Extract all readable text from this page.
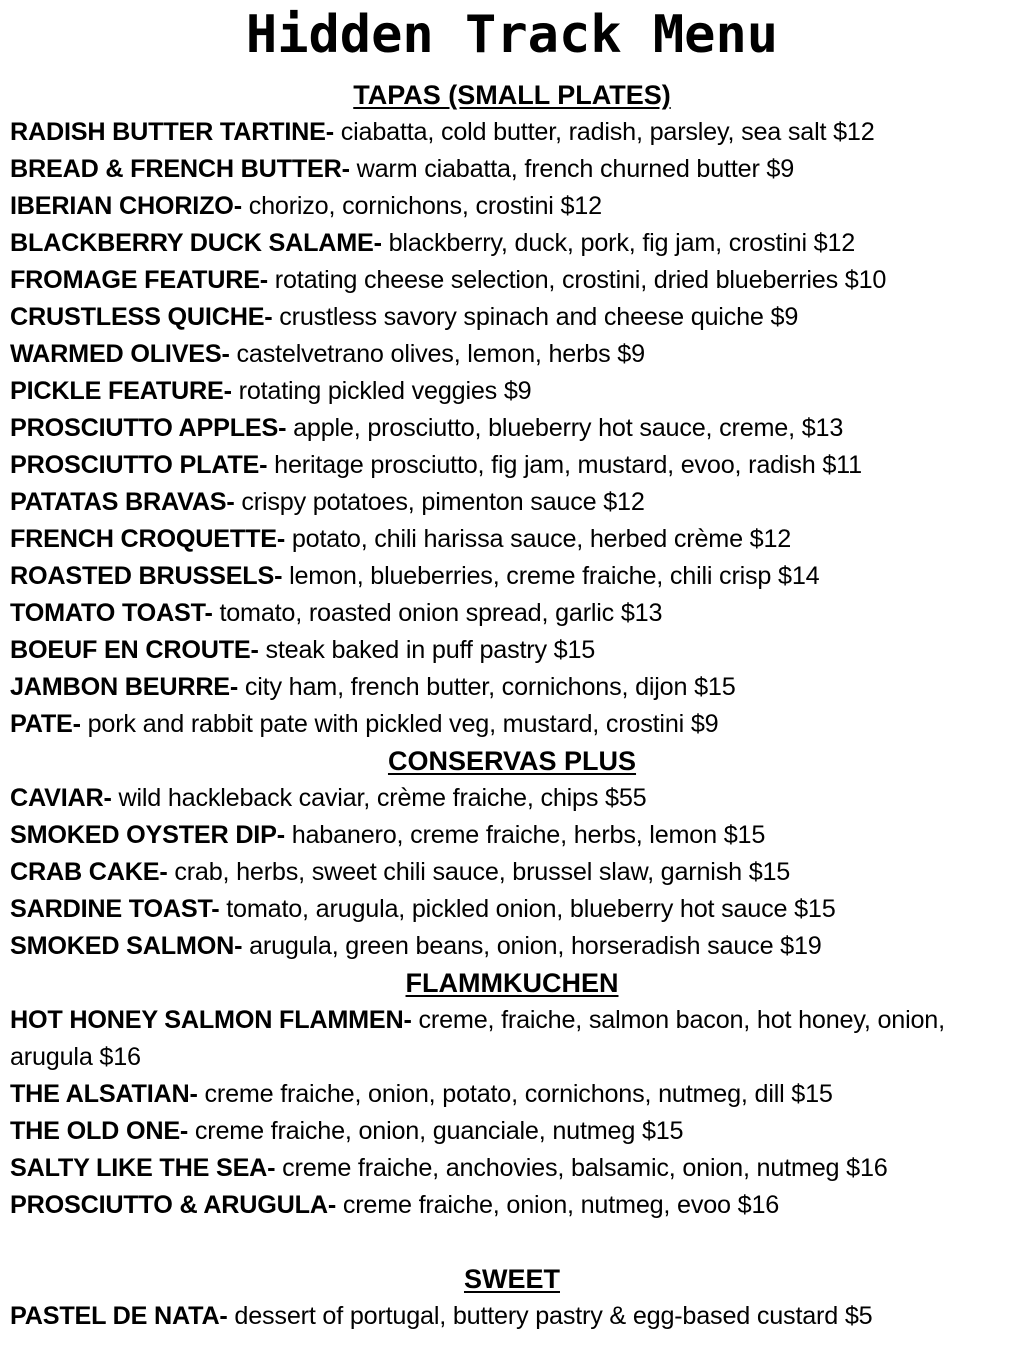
Hidden Track Menu
TAPAS (SMALL PLATES)
RADISH BUTTER TARTINE- ciabatta, cold butter, radish, parsley, sea salt $12
BREAD & FRENCH BUTTER- warm ciabatta, french churned butter $9
IBERIAN CHORIZO- chorizo, cornichons, crostini $12
BLACKBERRY DUCK SALAME- blackberry, duck, pork, fig jam, crostini $12
FROMAGE FEATURE- rotating cheese selection, crostini, dried blueberries $10
CRUSTLESS QUICHE- crustless savory spinach and cheese quiche $9
WARMED OLIVES- castelvetrano olives, lemon, herbs $9
PICKLE FEATURE- rotating pickled veggies $9
PROSCIUTTO APPLES- apple, prosciutto, blueberry hot sauce, creme, $13
PROSCIUTTO PLATE- heritage prosciutto, fig jam, mustard, evoo, radish $11
PATATAS BRAVAS- crispy potatoes, pimenton sauce $12
FRENCH CROQUETTE- potato, chili harissa sauce, herbed crème $12
ROASTED BRUSSELS- lemon, blueberries, creme fraiche, chili crisp $14
TOMATO TOAST- tomato, roasted onion spread, garlic $13
BOEUF EN CROUTE- steak baked in puff pastry $15
JAMBON BEURRE- city ham, french butter, cornichons, dijon $15
PATE- pork and rabbit pate with pickled veg, mustard, crostini $9
CONSERVAS PLUS
CAVIAR- wild hackleback caviar, crème fraiche, chips $55
SMOKED OYSTER DIP- habanero, creme fraiche, herbs, lemon $15
CRAB CAKE- crab, herbs, sweet chili sauce, brussel slaw, garnish $15
SARDINE TOAST- tomato, arugula, pickled onion, blueberry hot sauce $15
SMOKED SALMON- arugula, green beans, onion, horseradish sauce $19
FLAMMKUCHEN
HOT HONEY SALMON FLAMMEN- creme, fraiche, salmon bacon, hot honey, onion, arugula $16
THE ALSATIAN- creme fraiche, onion, potato, cornichons, nutmeg, dill $15
THE OLD ONE- creme fraiche, onion, guanciale, nutmeg $15
SALTY LIKE THE SEA- creme fraiche, anchovies, balsamic, onion, nutmeg $16
PROSCIUTTO & ARUGULA- creme fraiche, onion, nutmeg, evoo $16
SWEET
PASTEL DE NATA- dessert of portugal, buttery pastry & egg-based custard $5
